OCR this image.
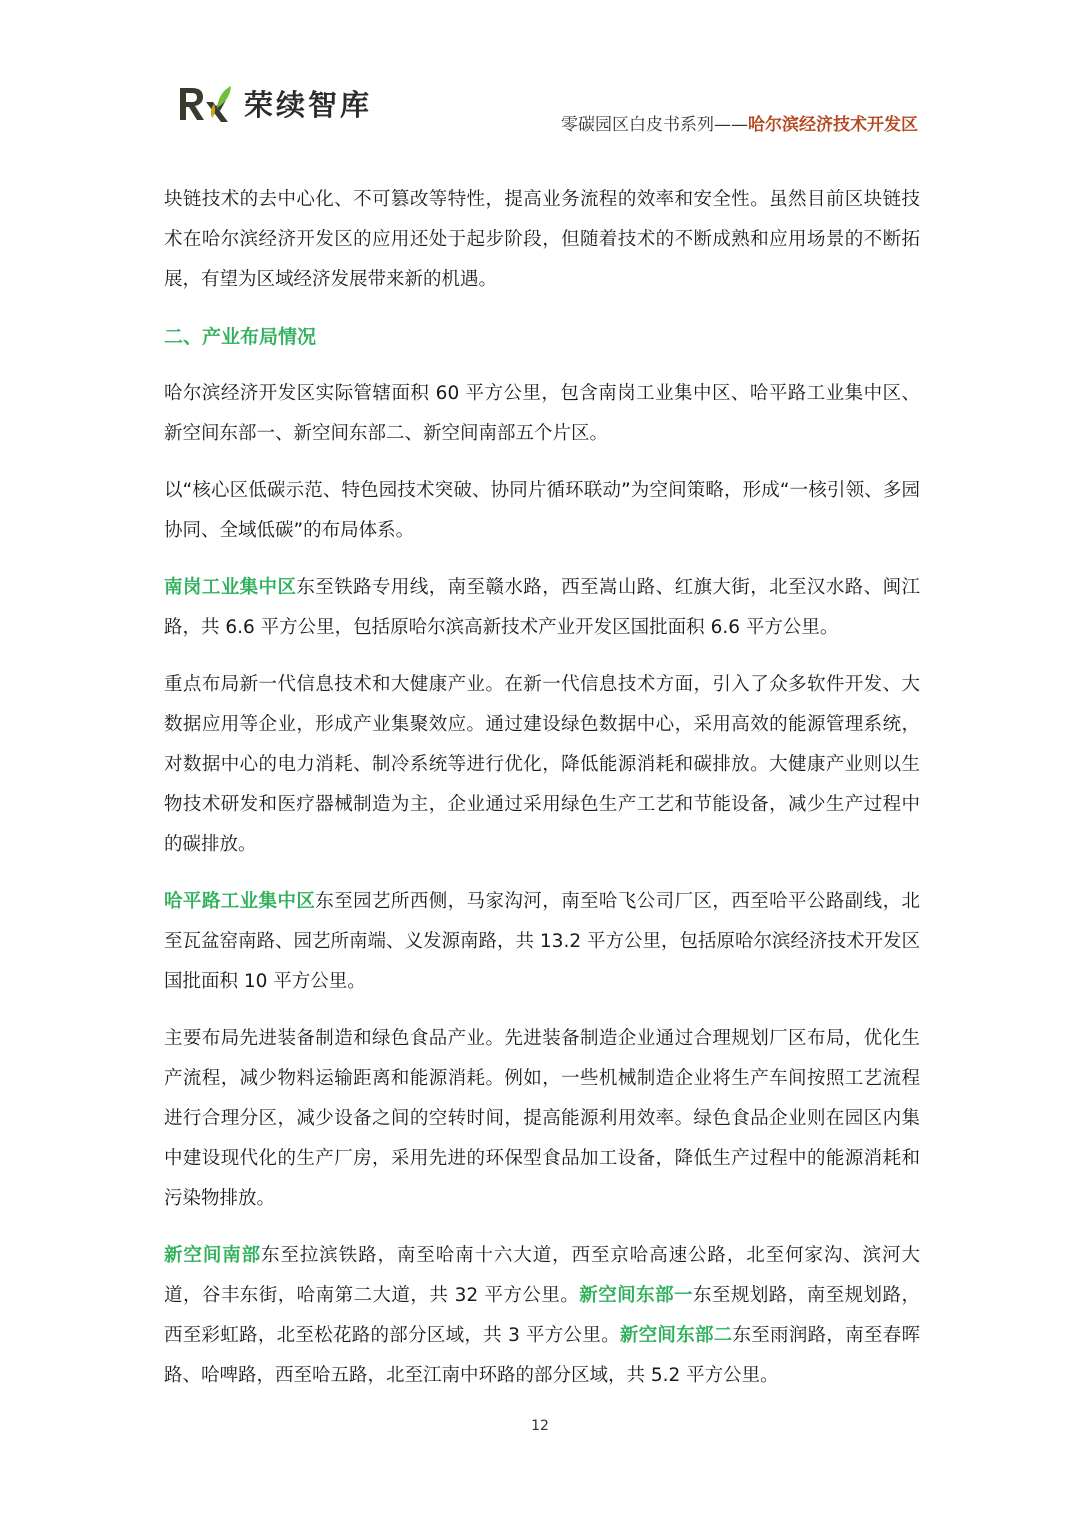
荣续智库
零碳园区白皮书系列——哈尔滨经济技术开发区

块链技术的去中心化、不可篡改等特性，提高业务流程的效率和安全性。虽然目前区块链技术在哈尔滨经济开发区的应用还处于起步阶段，但随着技术的不断成熟和应用场景的不断拓展，有望为区域经济发展带来新的机遇。

二、产业布局情况

哈尔滨经济开发区实际管辖面积 60 平方公里，包含南岗工业集中区、哈平路工业集中区、新空间东部一、新空间东部二、新空间南部五个片区。

以“核心区低碳示范、特色园技术突破、协同片循环联动”为空间策略，形成“一核引领、多园协同、全域低碳”的布局体系。

南岗工业集中区东至铁路专用线，南至赣水路，西至嵩山路、红旗大街，北至汉水路、闽江路，共 6.6 平方公里，包括原哈尔滨高新技术产业开发区国批面积 6.6 平方公里。

重点布局新一代信息技术和大健康产业。在新一代信息技术方面，引入了众多软件开发、大数据应用等企业，形成产业集聚效应。通过建设绿色数据中心，采用高效的能源管理系统，对数据中心的电力消耗、制冷系统等进行优化，降低能源消耗和碳排放。大健康产业则以生物技术研发和医疗器械制造为主，企业通过采用绿色生产工艺和节能设备，减少生产过程中的碳排放。

哈平路工业集中区东至园艺所西侧，马家沟河，南至哈飞公司厂区，西至哈平公路副线，北至瓦盆窑南路、园艺所南端、义发源南路，共 13.2 平方公里，包括原哈尔滨经济技术开发区国批面积 10 平方公里。

主要布局先进装备制造和绿色食品产业。先进装备制造企业通过合理规划厂区布局，优化生产流程，减少物料运输距离和能源消耗。例如，一些机械制造企业将生产车间按照工艺流程进行合理分区，减少设备之间的空转时间，提高能源利用效率。绿色食品企业则在园区内集中建设现代化的生产厂房，采用先进的环保型食品加工设备，降低生产过程中的能源消耗和污染物排放。

新空间南部东至拉滨铁路，南至哈南十六大道，西至京哈高速公路，北至何家沟、滨河大道，谷丰东街，哈南第二大道，共 32 平方公里。新空间东部一东至规划路，南至规划路，西至彩虹路，北至松花路的部分区域，共 3 平方公里。新空间东部二东至雨润路，南至春晖路、哈啤路，西至哈五路，北至江南中环路的部分区域，共 5.2 平方公里。

12
